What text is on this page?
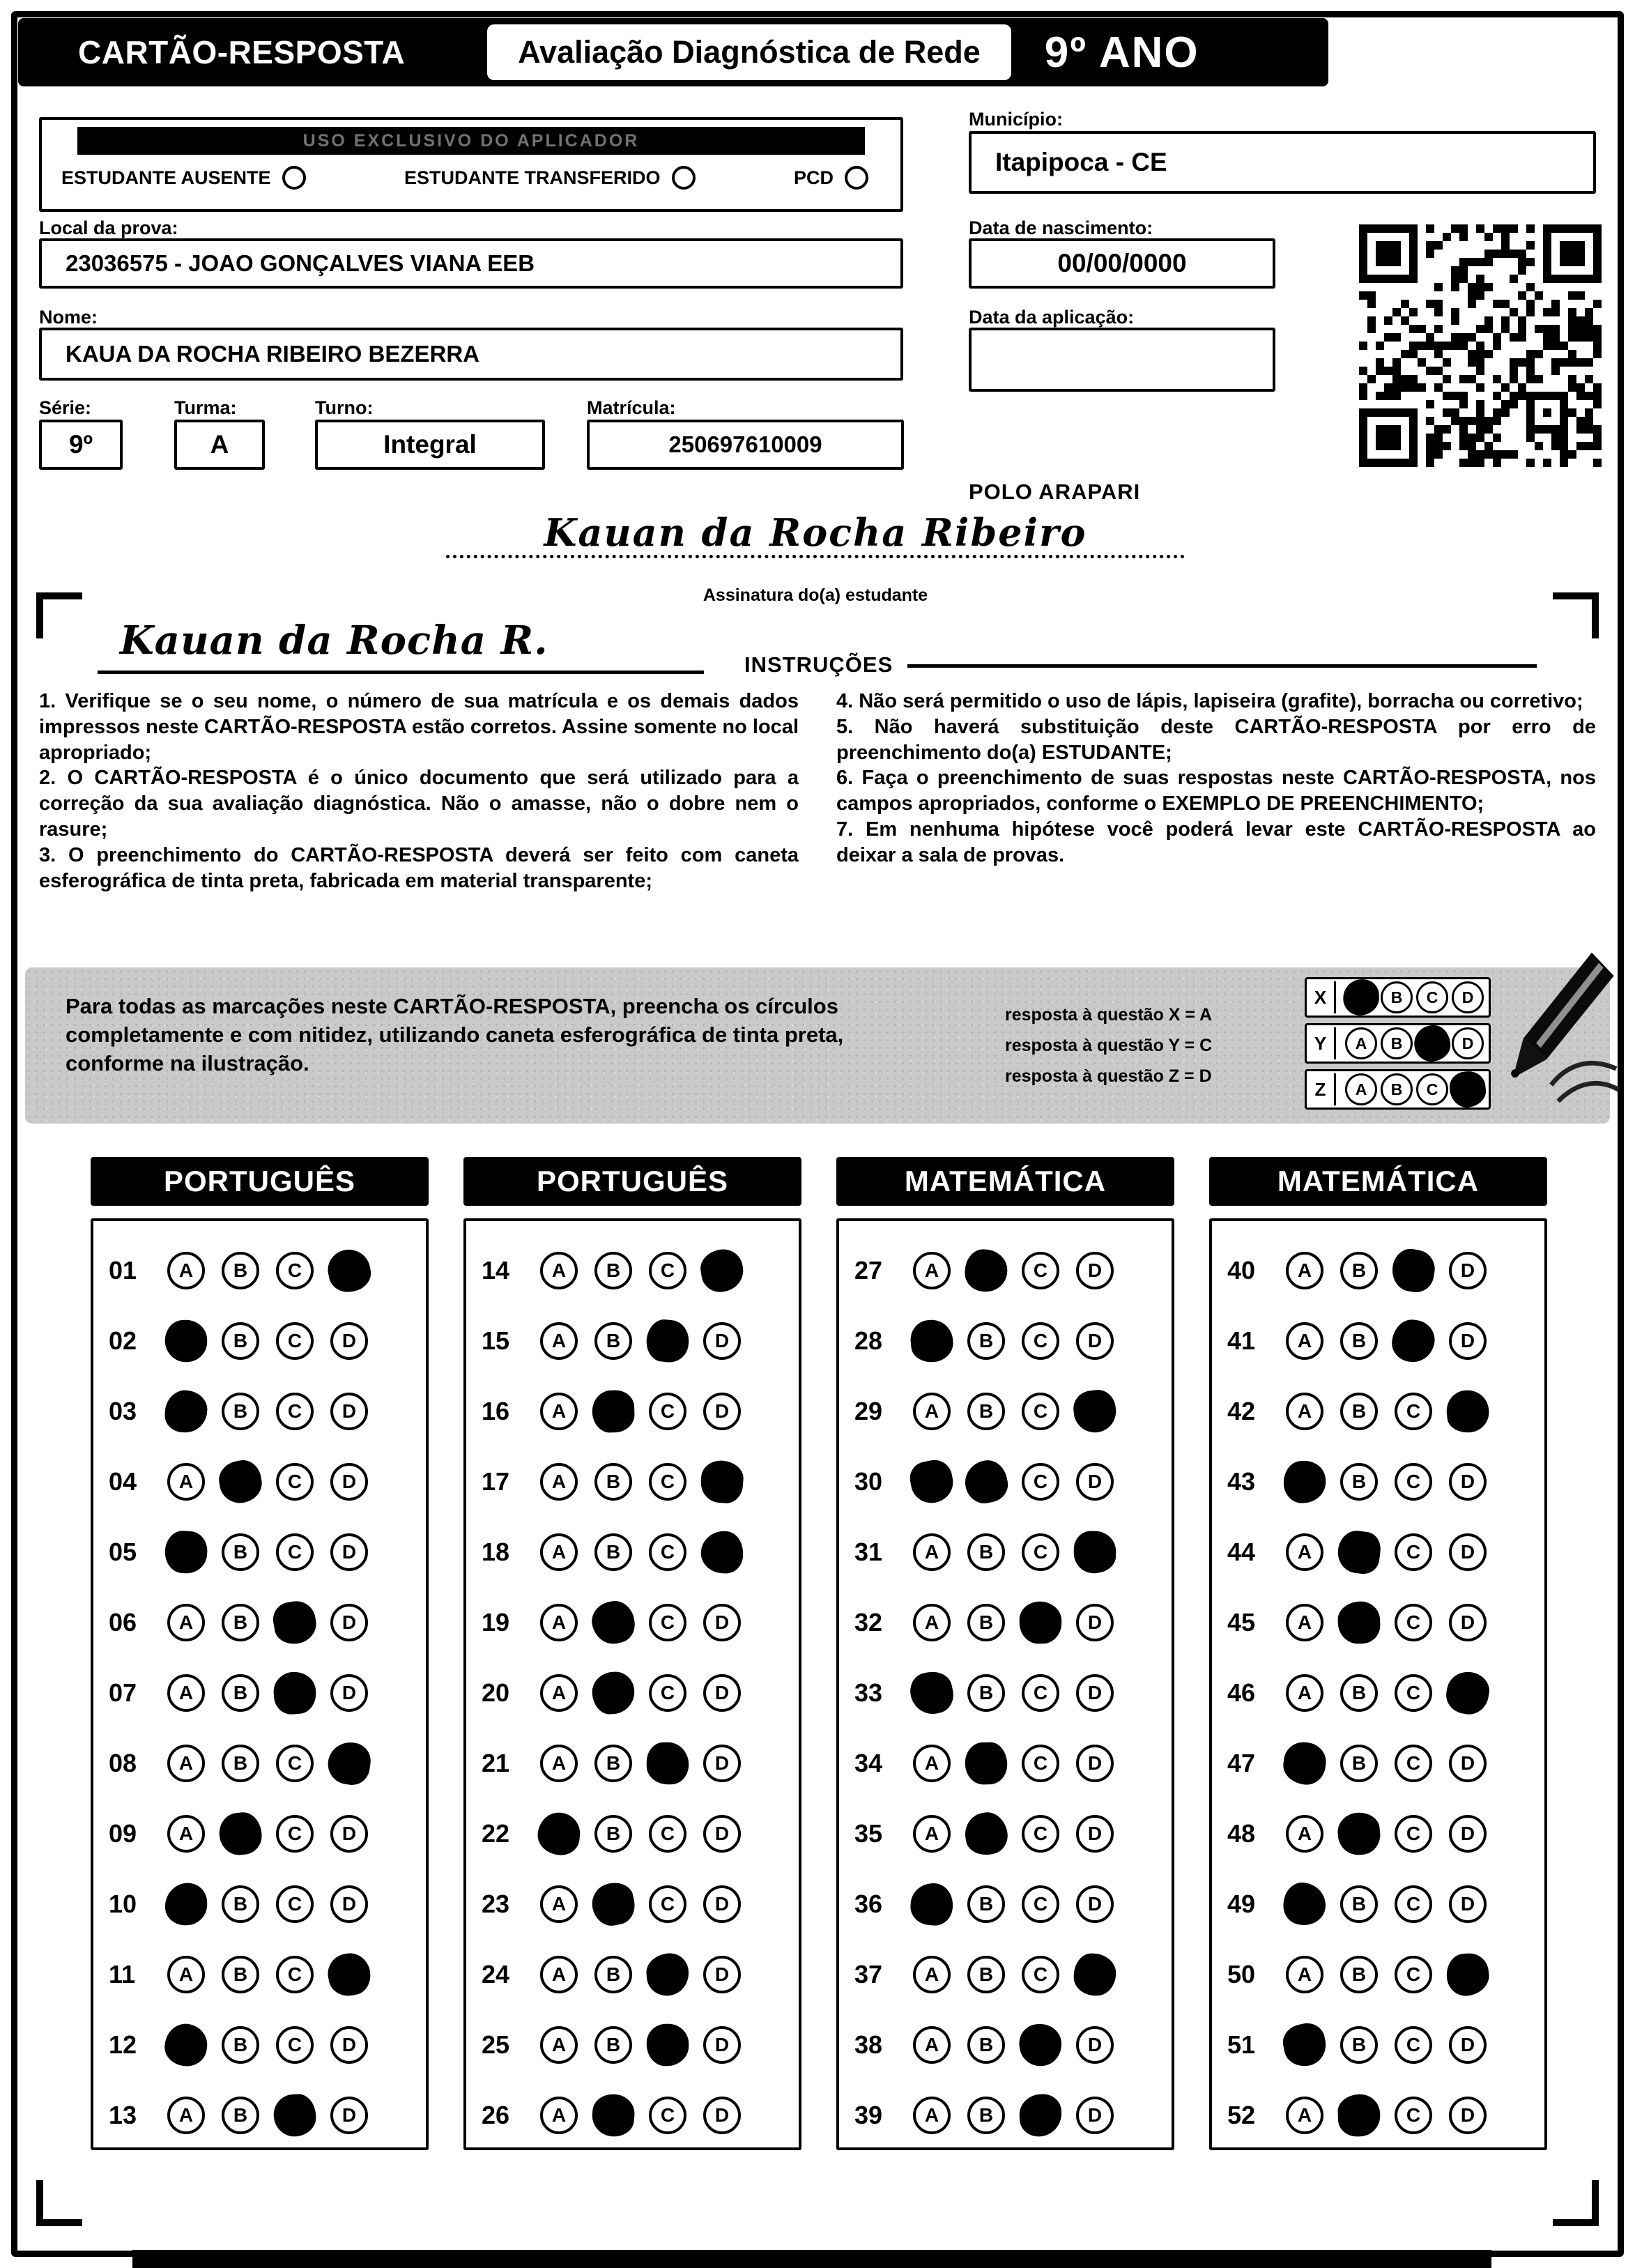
CARTÃO-RESPOSTA	Avaliação Diagnóstica de Rede	9º ANO
USO EXCLUSIVO DO APLICADOR
ESTUDANTE AUSENTE	ESTUDANTE TRANSFERIDO	PCD
Local da prova:
23036575 - JOAO GONÇALVES VIANA EEB
Nome:
KAUA DA ROCHA RIBEIRO BEZERRA
Série:
9º
Turma:
A
Turno:
Integral
Matrícula:
250697610009
Município:
Itapipoca - CE
Data de nascimento:
00/00/0000
Data da aplicação:
POLO ARAPARI
Kauan da Rocha Ribeiro
Assinatura do(a) estudante
Kauan da Rocha R.
INSTRUÇÕES

1. Verifique se o seu nome, o número de sua matrícula e os demais dados impressos neste CARTÃO-RESPOSTA estão corretos. Assine somente no local apropriado;

2. O CARTÃO-RESPOSTA é o único documento que será utilizado para a correção da sua avaliação diagnóstica. Não o amasse, não o dobre nem o rasure;

3. O preenchimento do CARTÃO-RESPOSTA deverá ser feito com caneta esferográfica de tinta preta, fabricada em material transparente;

4. Não será permitido o uso de lápis, lapiseira (grafite), borracha ou corretivo;

5. Não haverá substituição deste CARTÃO-RESPOSTA por erro de preenchimento do(a) ESTUDANTE;

6. Faça o preenchimento de suas respostas neste CARTÃO-RESPOSTA, nos campos apropriados, conforme o EXEMPLO DE PREENCHIMENTO;

7. Em nenhuma hipótese você poderá levar este CARTÃO-RESPOSTA ao deixar a sala de provas.

Para todas as marcações neste CARTÃO-RESPOSTA, preencha os círculos completamente e com nitidez, utilizando caneta esferográfica de tinta preta, conforme na ilustração.
resposta à questão X = A
resposta à questão Y = C
resposta à questão Z = D
X	B	C	D
Y	A	B	D
Z	A	B	C
PORTUGUÊS
01	A	B	C
02	B	C	D
03	B	C	D
04	A	C	D
05	B	C	D
06	A	B	D
07	A	B	D
08	A	B	C
09	A	C	D
10	B	C	D
11	A	B	C
12	B	C	D
13	A	B	D
PORTUGUÊS
14	A	B	C
15	A	B	D
16	A	C	D
17	A	B	C
18	A	B	C
19	A	C	D
20	A	C	D
21	A	B	D
22	B	C	D
23	A	C	D
24	A	B	D
25	A	B	D
26	A	C	D
MATEMÁTICA
27	A	C	D
28	B	C	D
29	A	B	C
30	C	D
31	A	B	C
32	A	B	D
33	B	C	D
34	A	C	D
35	A	C	D
36	B	C	D
37	A	B	C
38	A	B	D
39	A	B	D
MATEMÁTICA
40	A	B	D
41	A	B	D
42	A	B	C
43	B	C	D
44	A	C	D
45	A	C	D
46	A	B	C
47	B	C	D
48	A	C	D
49	B	C	D
50	A	B	C
51	B	C	D
52	A	C	D
